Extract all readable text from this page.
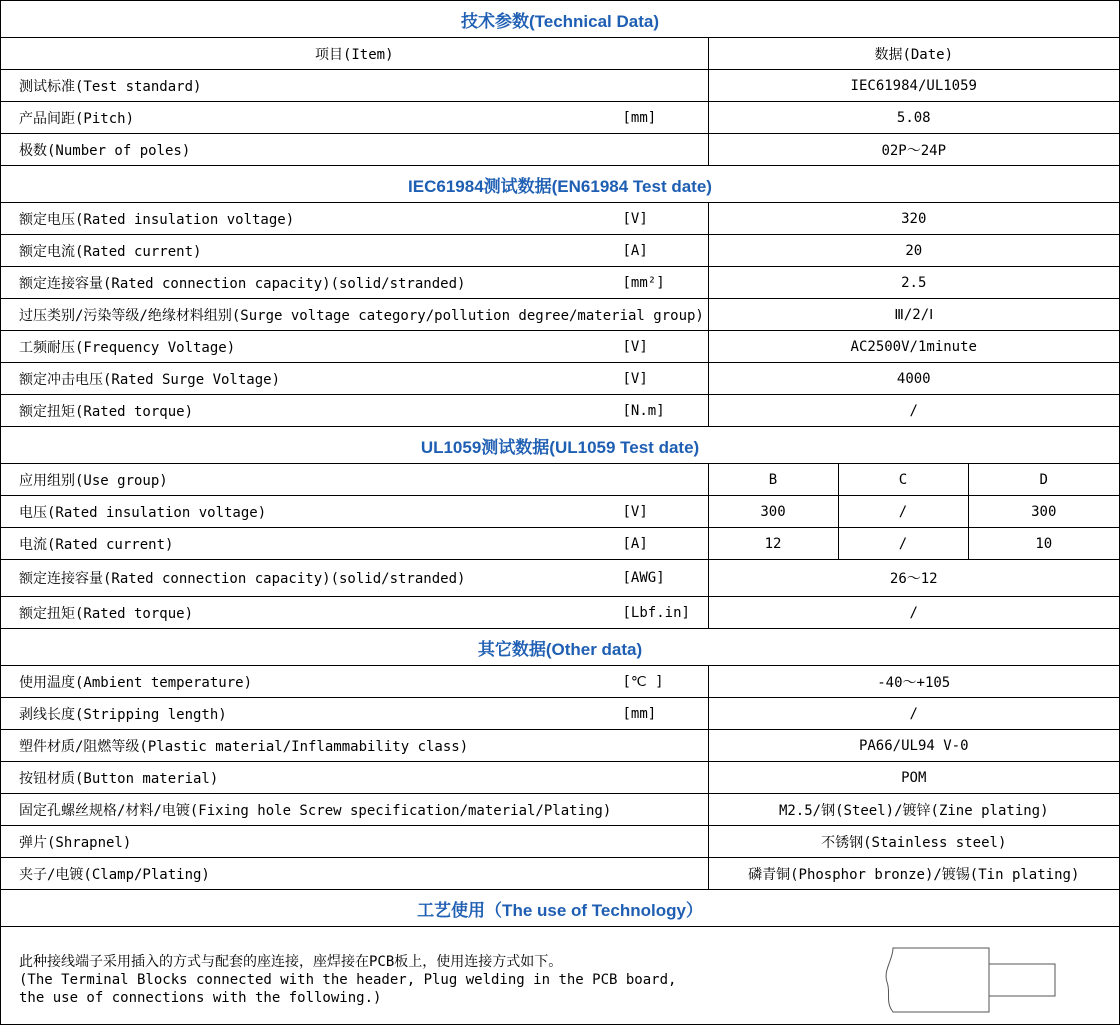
技术参数(Technical Data)			
项目(Item)	数据(Date)		

测试标准(Test standard)	IEC61984/UL1059		

产品间距(Pitch) [mm]	5.08		

极数(Number of poles)	02P～24P		
IEC61984测试数据(EN61984 Test date)			

额定电压(Rated insulation voltage) [V]	320		

额定电流(Rated current) [A]	20		

额定连接容量(Rated connection capacity)(solid/stranded) [mm²]	2.5		

过压类别/污染等级/绝缘材料组别(Surge voltage category/pollution degree/material group)	Ⅲ/2/Ⅰ		

工频耐压(Frequency Voltage) [V]	AC2500V/1minute		

额定冲击电压(Rated Surge Voltage) [V]	4000		

额定扭矩(Rated torque) [N.m]	/		
UL1059测试数据(UL1059 Test date)			
应用组别(Use group)	B	C	D

电压(Rated insulation voltage) [V]	300	/	300

电流(Rated current) [A]	12	/	10

额定连接容量(Rated connection capacity)(solid/stranded) [AWG]	26～12		

额定扭矩(Rated torque) [Lbf.in]	/		
其它数据(Other data)			

使用温度(Ambient temperature) [℃ ]	-40～+105		

剥线长度(Stripping length) [mm]	/		

塑件材质/阻燃等级(Plastic material/Inflammability class)	PA66/UL94 V-0		

按钮材质(Button material)	POM		

固定孔螺丝规格/材料/电镀(Fixing hole Screw specification/material/Plating)	M2.5/钢(Steel)/镀锌(Zine plating)		

弹片(Shrapnel)	不锈钢(Stainless steel)		

夹子/电镀(Clamp/Plating)	磷青铜(Phosphor bronze)/镀锡(Tin plating)		
工艺使用（The use of Technology）			
此种接线端子采用插入的方式与配套的座连接，座焊接在PCB板上，使用连接方式如下。
(The Terminal Blocks connected with the header, Plug welding in the PCB board,
the use of connections with the following.)
